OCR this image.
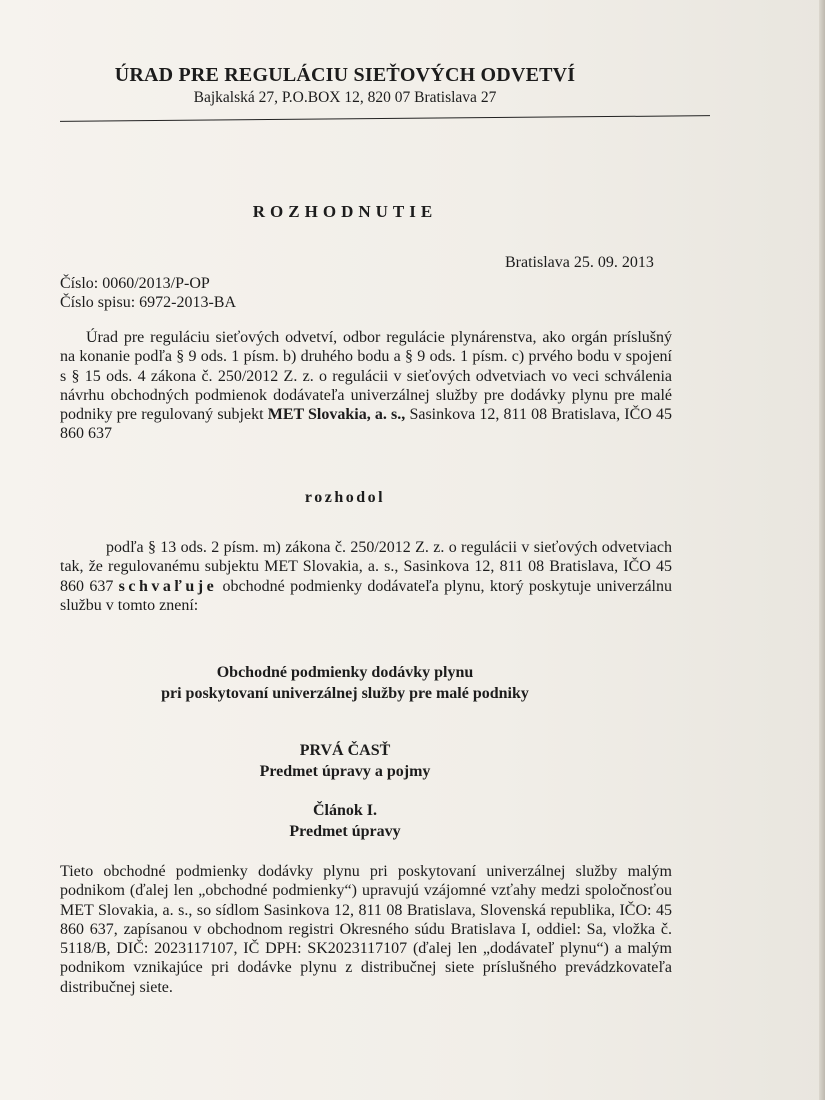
ÚRAD PRE REGULÁCIU SIEŤOVÝCH ODVETVÍ
Bajkalská 27, P.O.BOX 12, 820 07 Bratislava 27
ROZHODNUTIE
Bratislava 25. 09. 2013
Číslo: 0060/2013/P-OP
Číslo spisu: 6972-2013-BA
Úrad pre reguláciu sieťových odvetví, odbor regulácie plynárenstva, ako orgán príslušný na konanie podľa § 9 ods. 1 písm. b) druhého bodu a § 9 ods. 1 písm. c) prvého bodu v spojení s § 15 ods. 4 zákona č. 250/2012 Z. z. o regulácii v sieťových odvetviach vo veci schválenia návrhu obchodných podmienok dodávateľa univerzálnej služby pre dodávky plynu pre malé podniky pre regulovaný subjekt MET Slovakia, a. s., Sasinkova 12, 811 08 Bratislava, IČO 45 860 637
rozhodol
podľa § 13 ods. 2 písm. m) zákona č. 250/2012 Z. z. o regulácii v sieťových odvetviach tak, že regulovanému subjektu MET Slovakia, a. s., Sasinkova 12, 811 08 Bratislava, IČO 45 860 637 schvaľuje obchodné podmienky dodávateľa plynu, ktorý poskytuje univerzálnu službu v tomto znení:
Obchodné podmienky dodávky plynu
pri poskytovaní univerzálnej služby pre malé podniky
PRVÁ ČASŤ
Predmet úpravy a pojmy
Článok I.
Predmet úpravy
Tieto obchodné podmienky dodávky plynu pri poskytovaní univerzálnej služby malým podnikom (ďalej len „obchodné podmienky“) upravujú vzájomné vzťahy medzi spoločnosťou MET Slovakia, a. s., so sídlom Sasinkova 12, 811 08 Bratislava, Slovenská republika, IČO: 45 860 637, zapísanou v obchodnom registri Okresného súdu Bratislava I, oddiel: Sa, vložka č. 5118/B, DIČ: 2023117107, IČ DPH: SK2023117107 (ďalej len „dodávateľ plynu“) a malým podnikom vznikajúce pri dodávke plynu z distribučnej siete príslušného prevádzkovateľa distribučnej siete.
